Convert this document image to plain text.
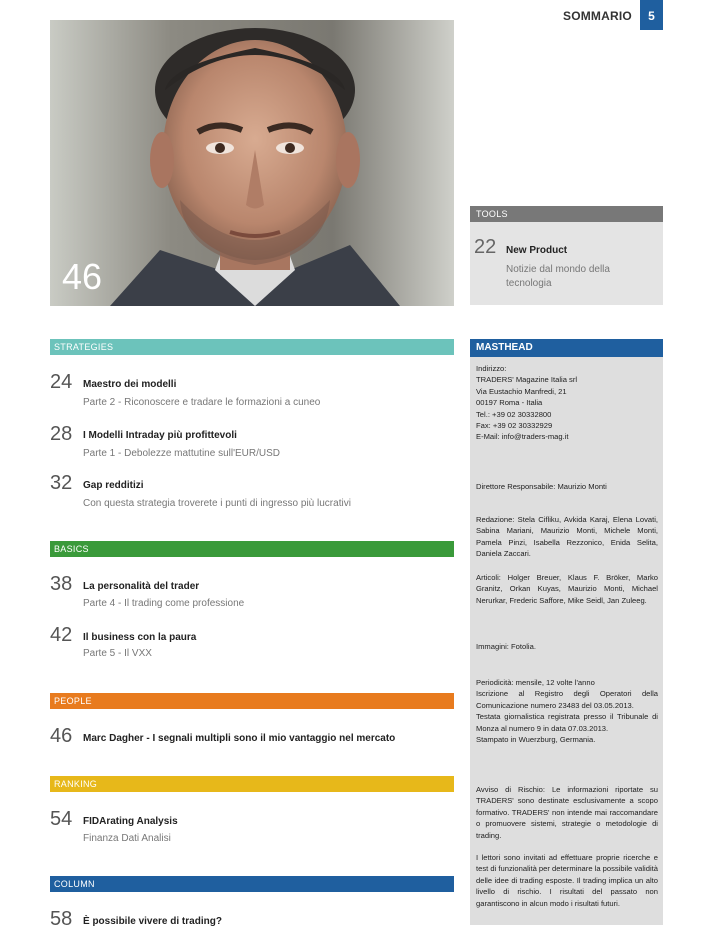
SOMMARIO	5
46
TOOLS
22 New Product
Notizie dal mondo della tecnologia
STRATEGIES
24 Maestro dei modelli
Parte 2 - Riconoscere e tradare le formazioni a cuneo
28 I Modelli Intraday più profittevoli
Parte 1 - Debolezze mattutine sull'EUR/USD
32 Gap redditizi
Con questa strategia troverete i punti di ingresso più lucrativi
BASICS
38 La personalità del trader
Parte 4 - Il trading come professione
42 Il business con la paura
Parte 5 - Il VXX
PEOPLE
46 Marc Dagher - I segnali multipli sono il mio vantaggio nel mercato
RANKING
54 FIDArating Analysis
Finanza Dati Analisi
COLUMN
58 È possibile vivere di trading?
MASTHEAD
Indirizzo:
TRADERS' Magazine Italia srl
Via Eustachio Manfredi, 21
00197 Roma - Italia
Tel.: +39 02 30332800
Fax: +39 02 30332929
E-Mail: info@traders-mag.it
Direttore Responsabile: Maurizio Monti
Redazione: Stela Cifliku, Avkida Karaj, Elena Lovati, Sabina Mariani, Maurizio Monti, Michele Monti, Pamela Pinzi, Isabella Rezzonico, Enida Selita, Daniela Zaccari.
Articoli: Holger Breuer, Klaus F. Bröker, Marko Granitz, Orkan Kuyas, Maurizio Monti, Michael Nerurkar, Frederic Saffore, Mike Seidl, Jan Zuleeg.
Immagini: Fotolia.
Periodicità: mensile, 12 volte l'anno
Iscrizione al Registro degli Operatori della Comunicazione numero 23483 del 03.05.2013.
Testata giornalistica registrata presso il Tribunale di Monza al numero 9 in data 07.03.2013.
Stampato in Wuerzburg, Germania.
Avviso di Rischio: Le informazioni riportate su TRADERS' sono destinate esclusivamente a scopo formativo. TRADERS' non intende mai raccomandare o promuovere sistemi, strategie o metodologie di trading.
I lettori sono invitati ad effettuare proprie ricerche e test di funzionalità per determinare la possibile validità delle idee di trading esposte. Il trading implica un alto livello di rischio. I risultati del passato non garantiscono in alcun modo i risultati futuri.
